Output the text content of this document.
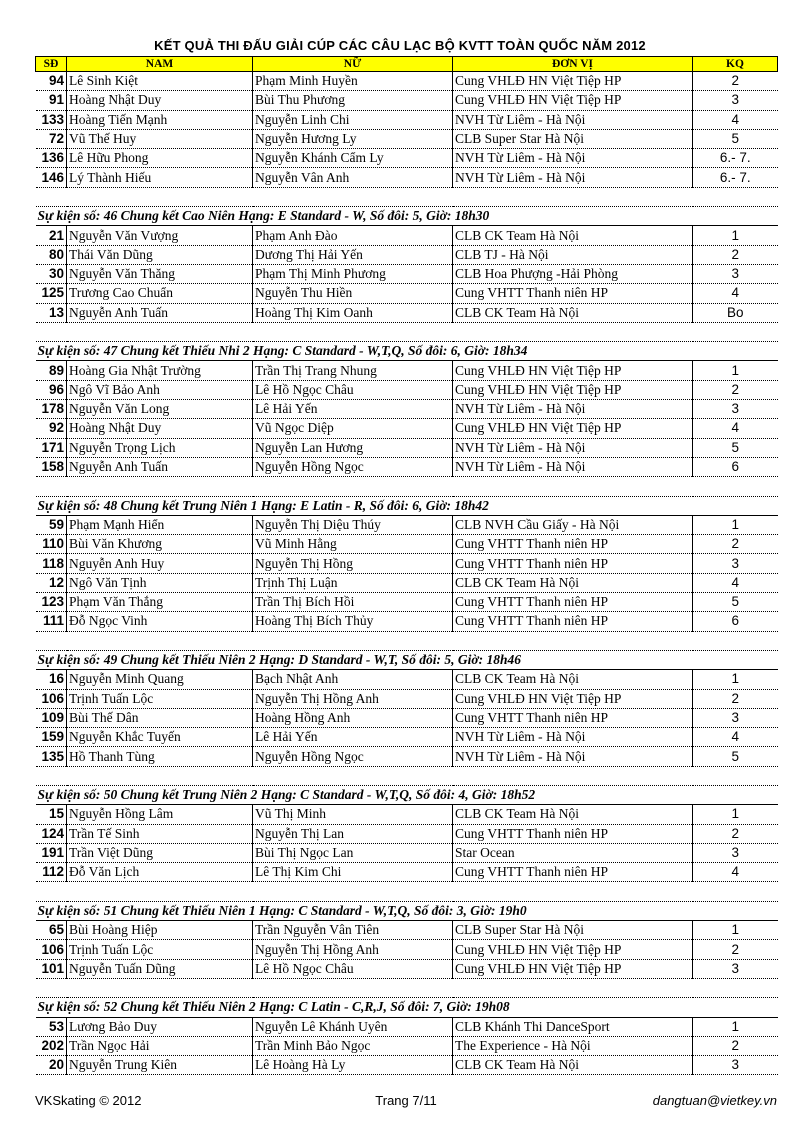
KẾT QUẢ THI ĐẤU GIẢI CÚP CÁC CÂU LẠC BỘ KVTT TOÀN QUỐC NĂM 2012
SĐ	NAM	NỮ	ĐƠN VỊ	KQ
94	Lê Sinh Kiệt	Phạm Minh Huyền	Cung VHLĐ HN Việt Tiệp HP	2
91	Hoàng Nhật Duy	Bùi Thu Phương	Cung VHLĐ HN Việt Tiệp HP	3
133	Hoàng Tiến Mạnh	Nguyễn Linh Chi	NVH Từ Liêm - Hà Nội	4
72	Vũ Thế Huy	Nguyễn Hương Ly	CLB Super Star Hà Nội	5
136	Lê Hữu Phong	Nguyễn Khánh Cẩm Ly	NVH Từ Liêm - Hà Nội	6.- 7.
146	Lý Thành Hiếu	Nguyễn Vân Anh	NVH Từ Liêm - Hà Nội	6.- 7.

Sự kiện số: 46 Chung kết Cao Niên Hạng: E Standard - W, Số đôi: 5, Giờ: 18h30				
21	Nguyễn Văn Vượng	Phạm Anh Đào	CLB CK Team Hà Nội	1
80	Thái Văn Dũng	Dương Thị Hải Yến	CLB TJ - Hà Nội	2
30	Nguyễn Văn Thăng	Phạm Thị Minh Phương	CLB Hoa Phượng -Hải Phòng	3
125	Trương Cao Chuẩn	Nguyễn Thu Hiền	Cung VHTT Thanh niên HP	4
13	Nguyễn Anh Tuấn	Hoàng Thị Kim Oanh	CLB CK Team Hà Nội	Bo

Sự kiện số: 47 Chung kết Thiếu Nhi 2 Hạng: C Standard - W,T,Q, Số đôi: 6, Giờ: 18h34				
89	Hoàng Gia Nhật Trường	Trần Thị Trang Nhung	Cung VHLĐ HN Việt Tiệp HP	1
96	Ngô Vĩ Bảo Anh	Lê Hồ Ngọc Châu	Cung VHLĐ HN Việt Tiệp HP	2
178	Nguyễn Văn Long	Lê Hải Yến	NVH Từ Liêm - Hà Nội	3
92	Hoàng Nhật Duy	Vũ Ngọc Diệp	Cung VHLĐ HN Việt Tiệp HP	4
171	Nguyễn Trọng Lịch	Nguyễn Lan Hương	NVH Từ Liêm - Hà Nội	5
158	Nguyễn Anh Tuấn	Nguyễn Hồng Ngọc	NVH Từ Liêm - Hà Nội	6

Sự kiện số: 48 Chung kết Trung Niên 1 Hạng: E Latin - R, Số đôi: 6, Giờ: 18h42				
59	Phạm Mạnh Hiển	Nguyễn Thị Diệu Thúy	CLB NVH Cầu Giấy - Hà Nội	1
110	Bùi Văn Khương	Vũ Minh Hằng	Cung VHTT Thanh niên HP	2
118	Nguyễn Anh Huy	Nguyễn Thị Hồng	Cung VHTT Thanh niên HP	3
12	Ngô Văn Tịnh	Trịnh Thị Luận	CLB CK Team Hà Nội	4
123	Phạm Văn Thắng	Trần Thị Bích Hồi	Cung VHTT Thanh niên HP	5
111	Đỗ Ngọc Vinh	Hoàng Thị Bích Thủy	Cung VHTT Thanh niên HP	6

Sự kiện số: 49 Chung kết Thiếu Niên 2 Hạng: D Standard - W,T, Số đôi: 5, Giờ: 18h46				
16	Nguyễn Minh Quang	Bạch Nhật Anh	CLB CK Team Hà Nội	1
106	Trịnh Tuấn Lộc	Nguyễn Thị Hồng Anh	Cung VHLĐ HN Việt Tiệp HP	2
109	Bùi Thế Dân	Hoàng Hồng Anh	Cung VHTT Thanh niên HP	3
159	Nguyễn Khắc Tuyến	Lê Hải Yến	NVH Từ Liêm - Hà Nội	4
135	Hồ Thanh Tùng	Nguyễn Hồng Ngọc	NVH Từ Liêm - Hà Nội	5

Sự kiện số: 50 Chung kết Trung Niên 2 Hạng: C Standard - W,T,Q, Số đôi: 4, Giờ: 18h52				
15	Nguyễn Hồng Lâm	Vũ Thị Minh	CLB CK Team Hà Nội	1
124	Trần Tế Sinh	Nguyễn Thị Lan	Cung VHTT Thanh niên HP	2
191	Trần Việt Dũng	Bùi Thị Ngọc Lan	Star Ocean	3
112	Đỗ Văn Lịch	Lê Thị Kim Chi	Cung VHTT Thanh niên HP	4

Sự kiện số: 51 Chung kết Thiếu Niên 1 Hạng: C Standard - W,T,Q, Số đôi: 3, Giờ: 19h0				
65	Bùi Hoàng Hiệp	Trần Nguyễn Vân Tiên	CLB Super Star Hà Nội	1
106	Trịnh Tuấn Lộc	Nguyễn Thị Hồng Anh	Cung VHLĐ HN Việt Tiệp HP	2
101	Nguyễn Tuấn Dũng	Lê Hồ Ngọc Châu	Cung VHLĐ HN Việt Tiệp HP	3

Sự kiện số: 52 Chung kết Thiếu Niên 2 Hạng: C Latin - C,R,J, Số đôi: 7, Giờ: 19h08				
53	Lương Bảo Duy	Nguyễn Lê Khánh Uyên	CLB Khánh Thi DanceSport	1
202	Trần Ngọc Hải	Trần Minh Bảo Ngọc	The Experience - Hà Nội	2
20	Nguyễn Trung Kiên	Lê Hoàng Hà Ly	CLB CK Team Hà Nội	3
VKSkating © 2012	Trang 7/11	dangtuan@vietkey.vn
